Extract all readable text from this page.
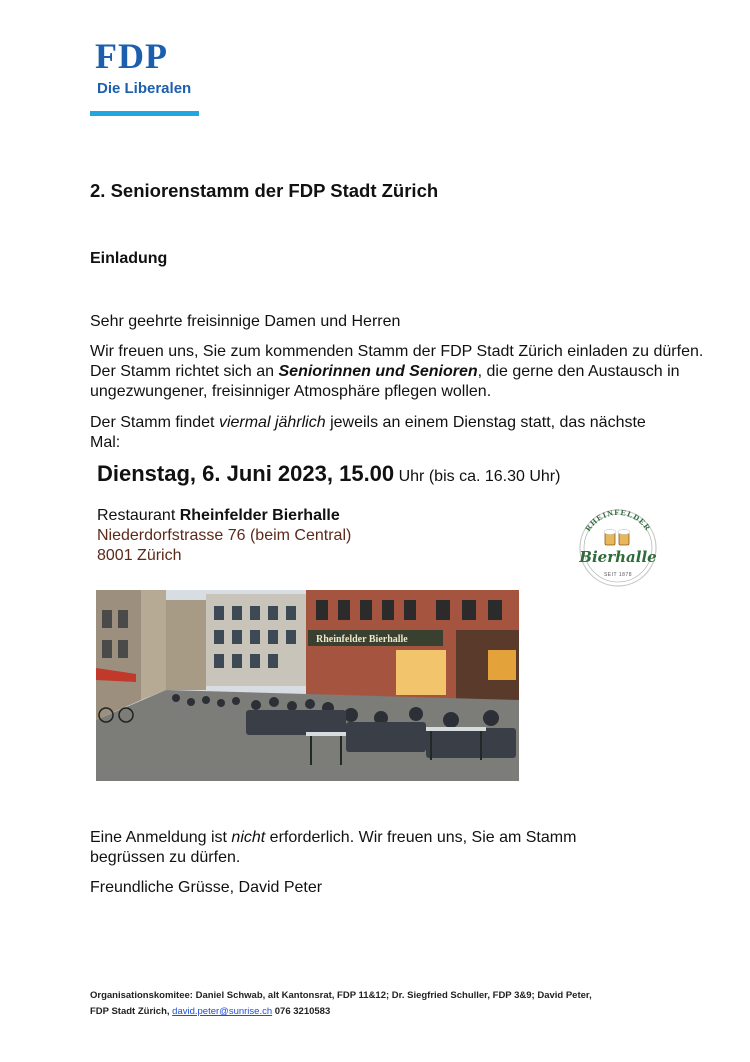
FDP
Die Liberalen
2. Seniorenstamm der FDP Stadt Zürich
Einladung
Sehr geehrte freisinnige Damen und Herren
Wir freuen uns, Sie zum kommenden Stamm der FDP Stadt Zürich einladen zu dürfen. Der Stamm richtet sich an Seniorinnen und Senioren, die gerne den Austausch in ungezwungener, freisinniger Atmosphäre pflegen wollen.
Der Stamm findet viermal jährlich jeweils an einem Dienstag statt, das nächste Mal:
Dienstag, 6. Juni 2023, 15.00 Uhr (bis ca. 16.30 Uhr)
Restaurant Rheinfelder Bierhalle
Niederdorfstrasse 76 (beim Central)
8001 Zürich
RHEINFELDER
Bierhalle
SEIT 1878
Rheinfelder Bierhalle
Eine Anmeldung ist nicht erforderlich. Wir freuen uns, Sie am Stamm begrüssen zu dürfen.
Freundliche Grüsse, David Peter
Organisationskomitee: Daniel Schwab, alt Kantonsrat, FDP 11&12; Dr. Siegfried Schuller, FDP 3&9; David Peter,
FDP Stadt Zürich, david.peter@sunrise.ch 076 3210583
